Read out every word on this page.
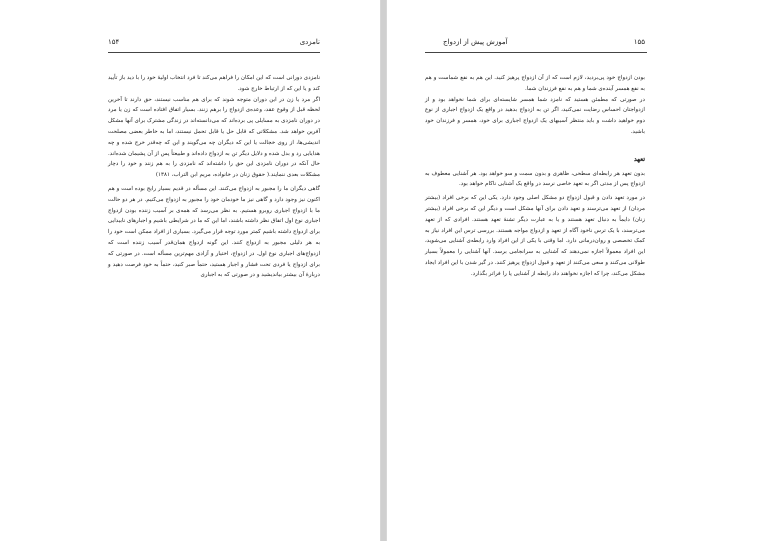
۱۵۴	نامزدی

نامزدی دورانی است که این امکان را فراهم می‌کند تا فرد انتخاب اولیهٔ خود را با دید باز تأیید کند و یا این که از ارتباط خارج شود.

اگر مرد یا زن در این دوران متوجه شوند که برای هم مناسب نیستند، حق دارند تا آخرین لحظه قبل از وقوع عقد، وعده‌ی ازدواج را برهم زنند. بسیار اتفاق افتاده است که زن یا مرد در دوران نامزدی به مسایلی پی برده‌اند که می‌دانسته‌اند در زندگی مشترک برای آنها مشکل آفرین خواهد شد. مشکلاتی که قابل حل یا قابل تحمل نیستند، اما به خاطر بعضی مصلحت اندیشی‌ها، از روی خجالت یا این که دیگران چه می‌گویند و این که چه‌قدر خرج شده و چه هدایایی رد و بدل شده و دلایل دیگر تن به ازدواج داده‌اند و طبیعتاً پس از آن پشیمان شده‌اند. حال آنکه در دوران نامزدی این حق را داشته‌اند که نامزدی را به هم زنند و خود را دچار مشکلات بعدی ننمایند.( حقوق زنان در خانواده، مریم ابن التراب، ۱۳۸۱)

گاهی دیگران ما را مجبور به ازدواج می‌کنند. این مسأله در قدیم بسیار رایج بوده است و هم اکنون نیز وجود دارد و گاهی نیز ما خودمان خود را مجبور به ازدواج می‌کنیم. در هر دو حالت ما با ازدواج اجباری روبرو هستیم. به نظر می‌رسد که همه‌ی بر آسیب زننده بودن ازدواج اجباری نوع اول اتفاق نظر داشته باشند، اما این که ما در شرایطی باشیم و اجبارهای نابیدایی برای ازدواج داشته باشیم کمتر مورد توجه قرار می‌گیرد. بسیاری از افراد ممکن است خود را به هر دلیلی مجبور به ازدواج کنند. این گونه ازدواج همان‌قدر آسیب زننده است که ازدواج‌های اجباری نوع اول. در ازدواج، اختیار و آزادی مهم‌ترین مسأله است. در صورتی که برای ازدواج یا فردی تحت فشار و اجبار هستید، حتماً صبر کنید، حتماً به خود فرصت دهید و دربارهٔ آن بیشتر بیاندیشید و در صورتی که به اجباری

آموزش پیش از ازدواج	۱۵۵

بودن ازدواج خود پی‌بردید، لازم است که از آن ازدواج پرهیز کنید. این هم به نفع شماست و هم به نفع همسر آینده‌ی شما و هم به نفع فرزندان شما.

در صورتی که مطمئن هستید که نامزد شما همسر شایسته‌ای برای شما نخواهد بود و از ازدواجتان احساس رضایت نمی‌کنید، اگر تن به ازدواج بدهید در واقع یک ازدواج اجباری از نوع دوم خواهید داشت و باید منتظر آسیبهای یک ازدواج اجباری برای خود، همسر و فرزندان خود باشید.

تعهد

بدون تعهد هر رابطه‌ای سطحی، ظاهری و بدون سمت و سو خواهد بود. هر آشنایی معطوف به ازدواج پس از مدتی اگر به تعهد خاصی نرسد در واقع یک آشنایی ناکام خواهد بود.

در مورد تعهد دادن و قبول ازدواج دو مشکل اصلی وجود دارد. یکی این که برخی افراد (بیشتر مردان) از تعهد می‌ترسند و تعهد دادن برای آنها مشکل است و دیگر این که برخی افراد (بیشتر زنان) دایماً به دنبال تعهد هستند و یا به عبارت دیگر تشنهٔ تعهد هستند. افرادی که از تعهد می‌ترسند، با یک ترس ناخود آگاه از تعهد و ازدواج مواجه هستند. بررسی ترس این افراد نیاز به کمک تخصصی و روان‌درمانی دارد. اما وقتی با یکی از این افراد وارد رابطه‌ی آشنایی می‌شوید، این افراد معمولاً اجازه نمی‌دهند که آشنایی به سرانجامی برسد. آنها آشنایی را معمولاً بسیار طولانی می‌کنند و سعی می‌کنند از تعهد و قبول ازدواج پرهیز کنند. در گیر شدن با این افراد ایجاد مشکل می‌کند، چرا که اجازه نخواهند داد رابطه از آشنایی پا را فراتر بگذارد.
